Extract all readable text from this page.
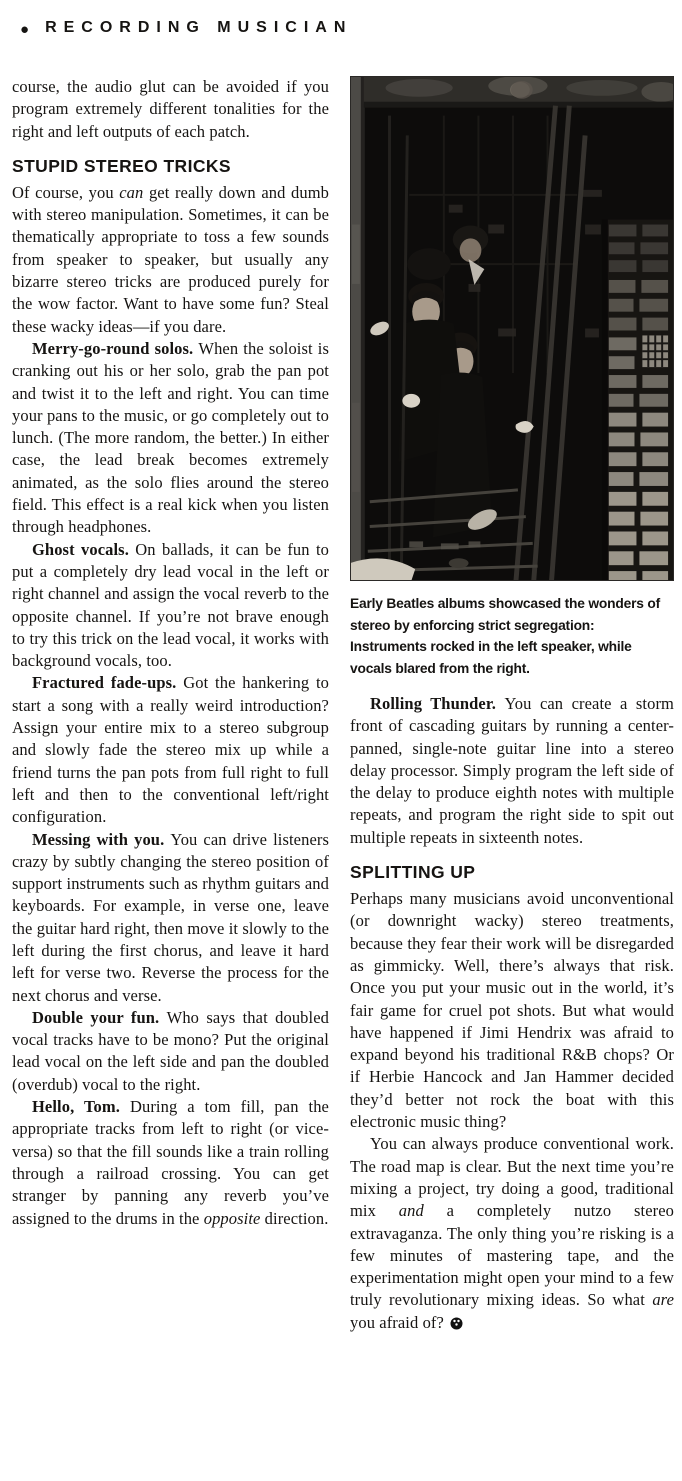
● RECORDING MUSICIAN

course, the audio glut can be avoided if you program extremely different tonalities for the right and left outputs of each patch.

STUPID STEREO TRICKS

Of course, you can get really down and dumb with stereo manipulation. Sometimes, it can be thematically appropriate to toss a few sounds from speaker to speaker, but usually any bizarre stereo tricks are produced purely for the wow factor. Want to have some fun? Steal these wacky ideas—if you dare.

Merry-go-round solos. When the soloist is cranking out his or her solo, grab the pan pot and twist it to the left and right. You can time your pans to the music, or go completely out to lunch. (The more random, the better.) In either case, the lead break becomes extremely animated, as the solo flies around the stereo field. This effect is a real kick when you listen through headphones.

Ghost vocals. On ballads, it can be fun to put a completely dry lead vocal in the left or right channel and assign the vocal reverb to the opposite channel. If you’re not brave enough to try this trick on the lead vocal, it works with background vocals, too.

Fractured fade-ups. Got the hankering to start a song with a really weird introduction? Assign your entire mix to a stereo subgroup and slowly fade the stereo mix up while a friend turns the pan pots from full right to full left and then to the conventional left/right configuration.

Messing with you. You can drive listeners crazy by subtly changing the stereo position of support instruments such as rhythm guitars and keyboards. For example, in verse one, leave the guitar hard right, then move it slowly to the left during the first chorus, and leave it hard left for verse two. Reverse the process for the next chorus and verse.

Double your fun. Who says that doubled vocal tracks have to be mono? Put the original lead vocal on the left side and pan the doubled (overdub) vocal to the right.

Hello, Tom. During a tom fill, pan the appropriate tracks from left to right (or vice-versa) so that the fill sounds like a train rolling through a railroad crossing. You can get stranger by panning any reverb you’ve assigned to the drums in the opposite direction.

Early Beatles albums showcased the wonders of stereo by enforcing strict segregation: Instruments rocked in the left speaker, while vocals blared from the right.

Rolling Thunder. You can create a storm front of cascading guitars by running a center-panned, single-note guitar line into a stereo delay processor. Simply program the left side of the delay to produce eighth notes with multiple repeats, and program the right side to spit out multiple repeats in sixteenth notes.

SPLITTING UP

Perhaps many musicians avoid unconventional (or downright wacky) stereo treatments, because they fear their work will be disregarded as gimmicky. Well, there’s always that risk. Once you put your music out in the world, it’s fair game for cruel pot shots. But what would have happened if Jimi Hendrix was afraid to expand beyond his traditional R&B chops? Or if Herbie Hancock and Jan Hammer decided they’d better not rock the boat with this electronic music thing?

You can always produce conventional work. The road map is clear. But the next time you’re mixing a project, try doing a good, traditional mix and a completely nutzo stereo extravaganza. The only thing you’re risking is a few minutes of mastering tape, and the experimentation might open your mind to a few truly revolutionary mixing ideas. So what are you afraid of?
